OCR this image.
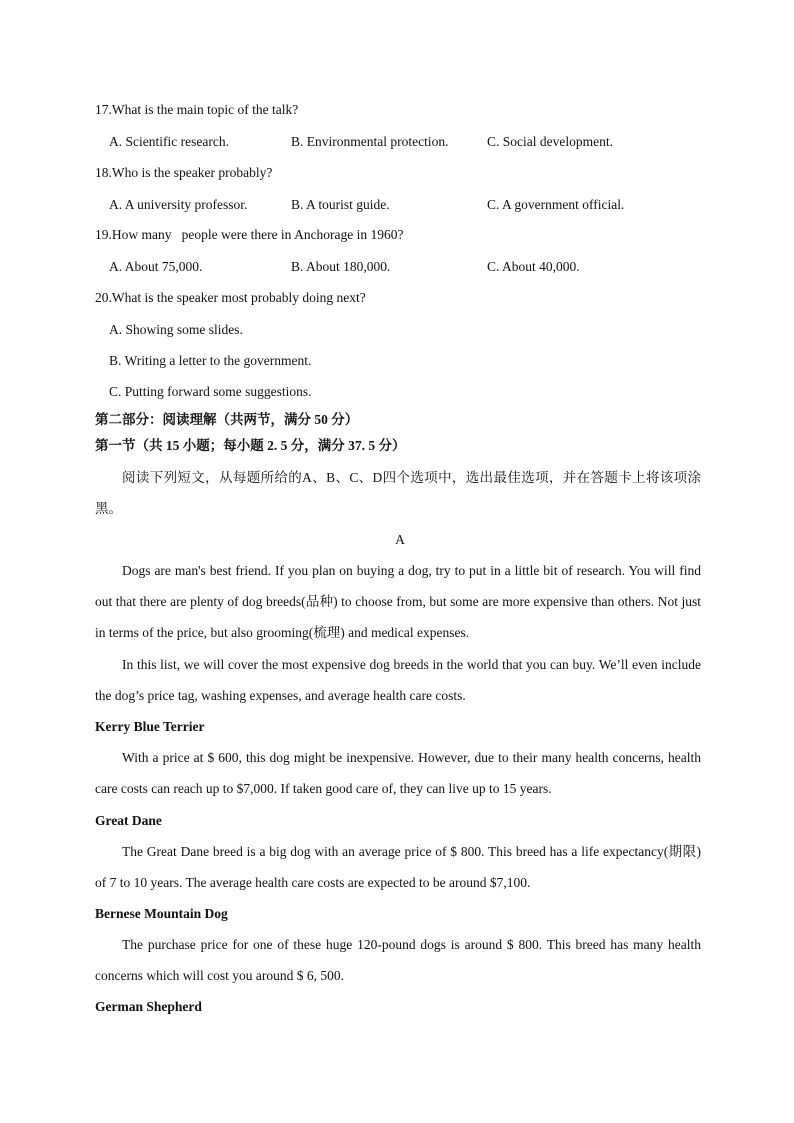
17.What is the main topic of the talk?
A. Scientific research.	B. Environmental protection.	C. Social development.
18.Who is the speaker probably?
A. A university professor.	B. A tourist guide.	C. A government official.
19.How many   people were there in Anchorage in 1960?
A. About 75,000.	B. About 180,000.	C. About 40,000.
20.What is the speaker most probably doing next?
A. Showing some slides.
B. Writing a letter to the government.
C. Putting forward some suggestions.
第二部分：阅读理解（共两节，满分 50 分）
第一节（共 15 小题；每小题 2. 5 分，满分 37. 5 分）
阅读下列短文，从每题所给的A、B、C、D四个选项中，选出最佳选项，并在答题卡上将该项涂黑。
A
Dogs are man's best friend. If you plan on buying a dog, try to put in a little bit of research. You will find out that there are plenty of dog breeds(品种) to choose from, but some are more expensive than others. Not just in terms of the price, but also grooming(梳理) and medical expenses.
In this list, we will cover the most expensive dog breeds in the world that you can buy. We’ll even include the dog’s price tag, washing expenses, and average health care costs.
Kerry Blue Terrier
With a price at $ 600, this dog might be inexpensive. However, due to their many health concerns, health care costs can reach up to $7,000. If taken good care of, they can live up to 15 years.
Great Dane
The Great Dane breed is a big dog with an average price of $ 800. This breed has a life expectancy(期限) of 7 to 10 years. The average health care costs are expected to be around $7,100.
Bernese Mountain Dog
The purchase price for one of these huge 120-pound dogs is around $ 800. This breed has many health concerns which will cost you around $ 6, 500.
German Shepherd
